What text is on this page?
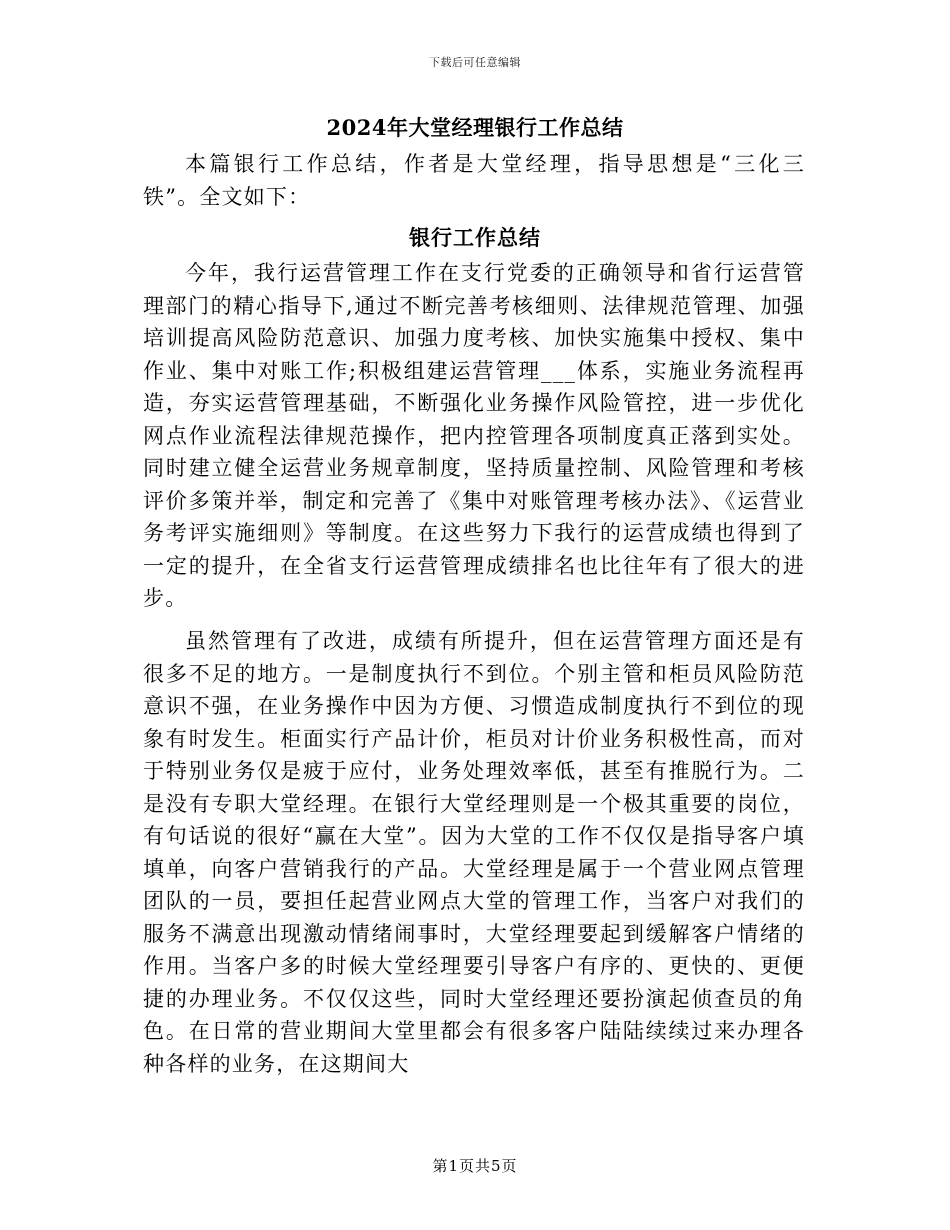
下载后可任意编辑
2024年大堂经理银行工作总结

本篇银行工作总结，作者是大堂经理，指导思想是“三化三铁”。全文如下：

银行工作总结

今年，我行运营管理工作在支行党委的正确领导和省行运营管理部门的精心指导下,通过不断完善考核细则、法律规范管理、加强培训提高风险防范意识、加强力度考核、加快实施集中授权、集中作业、集中对账工作;积极组建运营管理___体系，实施业务流程再造，夯实运营管理基础，不断强化业务操作风险管控，进一步优化网点作业流程法律规范操作，把内控管理各项制度真正落到实处。同时建立健全运营业务规章制度，坚持质量控制、风险管理和考核评价多策并举，制定和完善了《集中对账管理考核办法》、《运营业务考评实施细则》等制度。在这些努力下我行的运营成绩也得到了一定的提升，在全省支行运营管理成绩排名也比往年有了很大的进步。

虽然管理有了改进，成绩有所提升，但在运营管理方面还是有很多不足的地方。一是制度执行不到位。个别主管和柜员风险防范意识不强，在业务操作中因为方便、习惯造成制度执行不到位的现象有时发生。柜面实行产品计价，柜员对计价业务积极性高，而对于特别业务仅是疲于应付，业务处理效率低，甚至有推脱行为。二是没有专职大堂经理。在银行大堂经理则是一个极其重要的岗位，有句话说的很好“赢在大堂”。因为大堂的工作不仅仅是指导客户填填单，向客户营销我行的产品。大堂经理是属于一个营业网点管理团队的一员，要担任起营业网点大堂的管理工作，当客户对我们的服务不满意出现激动情绪闹事时，大堂经理要起到缓解客户情绪的作用。当客户多的时候大堂经理要引导客户有序的、更快的、更便捷的办理业务。不仅仅这些，同时大堂经理还要扮演起侦查员的角色。在日常的营业期间大堂里都会有很多客户陆陆续续过来办理各种各样的业务，在这期间大

第1页共5页
